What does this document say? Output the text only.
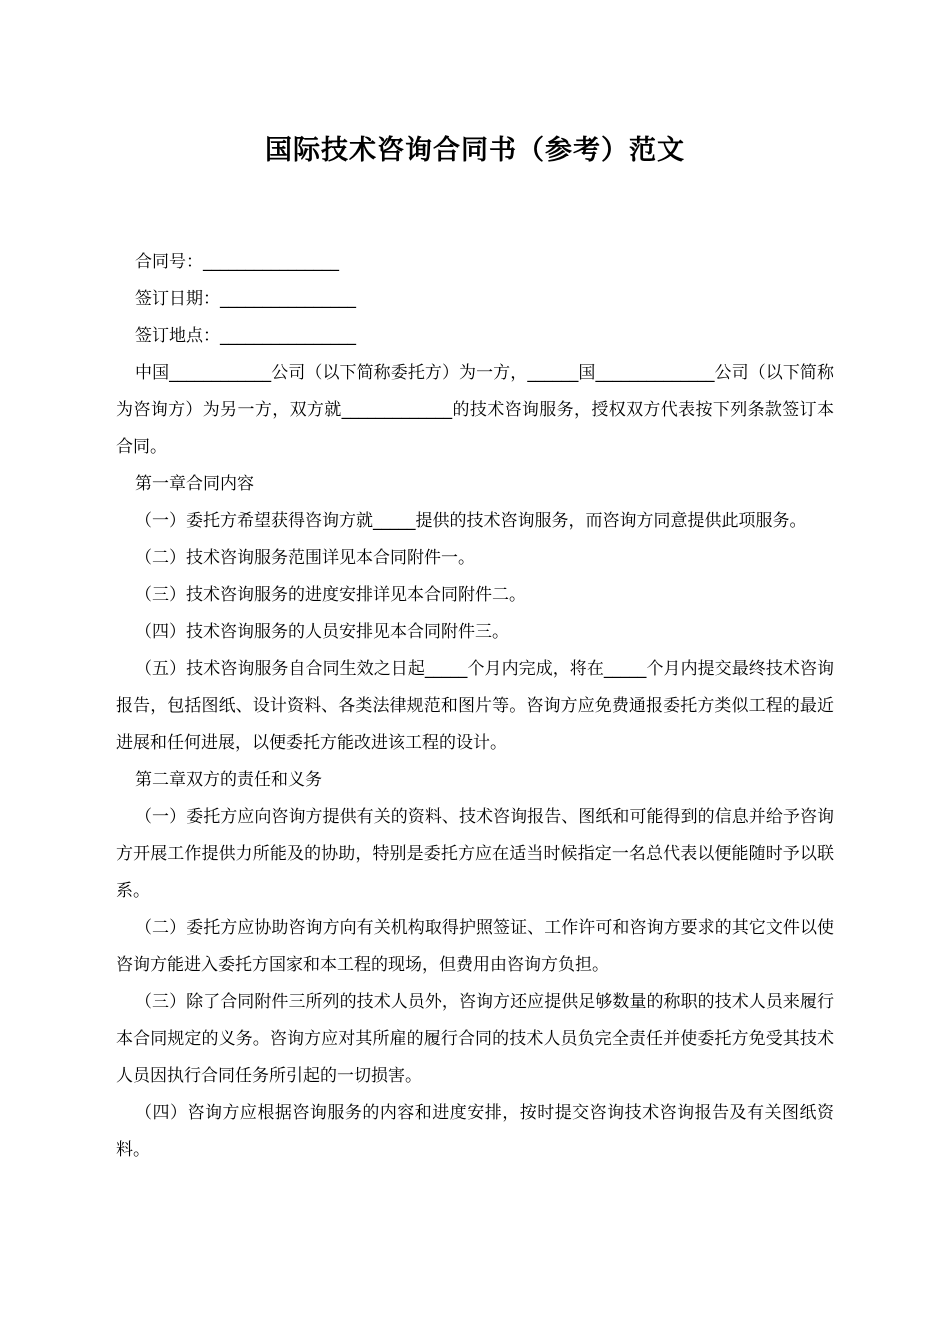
国际技术咨询合同书（参考）范文

合同号：________________

签订日期：________________

签订地点：________________

中国____________公司（以下简称委托方）为一方，______国______________公司（以下简称为咨询方）为另一方，双方就_____________的技术咨询服务，授权双方代表按下列条款签订本合同。

第一章合同内容

（一）委托方希望获得咨询方就_____提供的技术咨询服务，而咨询方同意提供此项服务。

（二）技术咨询服务范围详见本合同附件一。

（三）技术咨询服务的进度安排详见本合同附件二。

（四）技术咨询服务的人员安排见本合同附件三。

（五）技术咨询服务自合同生效之日起_____个月内完成，将在_____个月内提交最终技术咨询报告，包括图纸、设计资料、各类法律规范和图片等。咨询方应免费通报委托方类似工程的最近进展和任何进展，以便委托方能改进该工程的设计。

第二章双方的责任和义务

（一）委托方应向咨询方提供有关的资料、技术咨询报告、图纸和可能得到的信息并给予咨询方开展工作提供力所能及的协助，特别是委托方应在适当时候指定一名总代表以便能随时予以联系。

（二）委托方应协助咨询方向有关机构取得护照签证、工作许可和咨询方要求的其它文件以使咨询方能进入委托方国家和本工程的现场，但费用由咨询方负担。

（三）除了合同附件三所列的技术人员外，咨询方还应提供足够数量的称职的技术人员来履行本合同规定的义务。咨询方应对其所雇的履行合同的技术人员负完全责任并使委托方免受其技术人员因执行合同任务所引起的一切损害。

（四）咨询方应根据咨询服务的内容和进度安排，按时提交咨询技术咨询报告及有关图纸资料。
